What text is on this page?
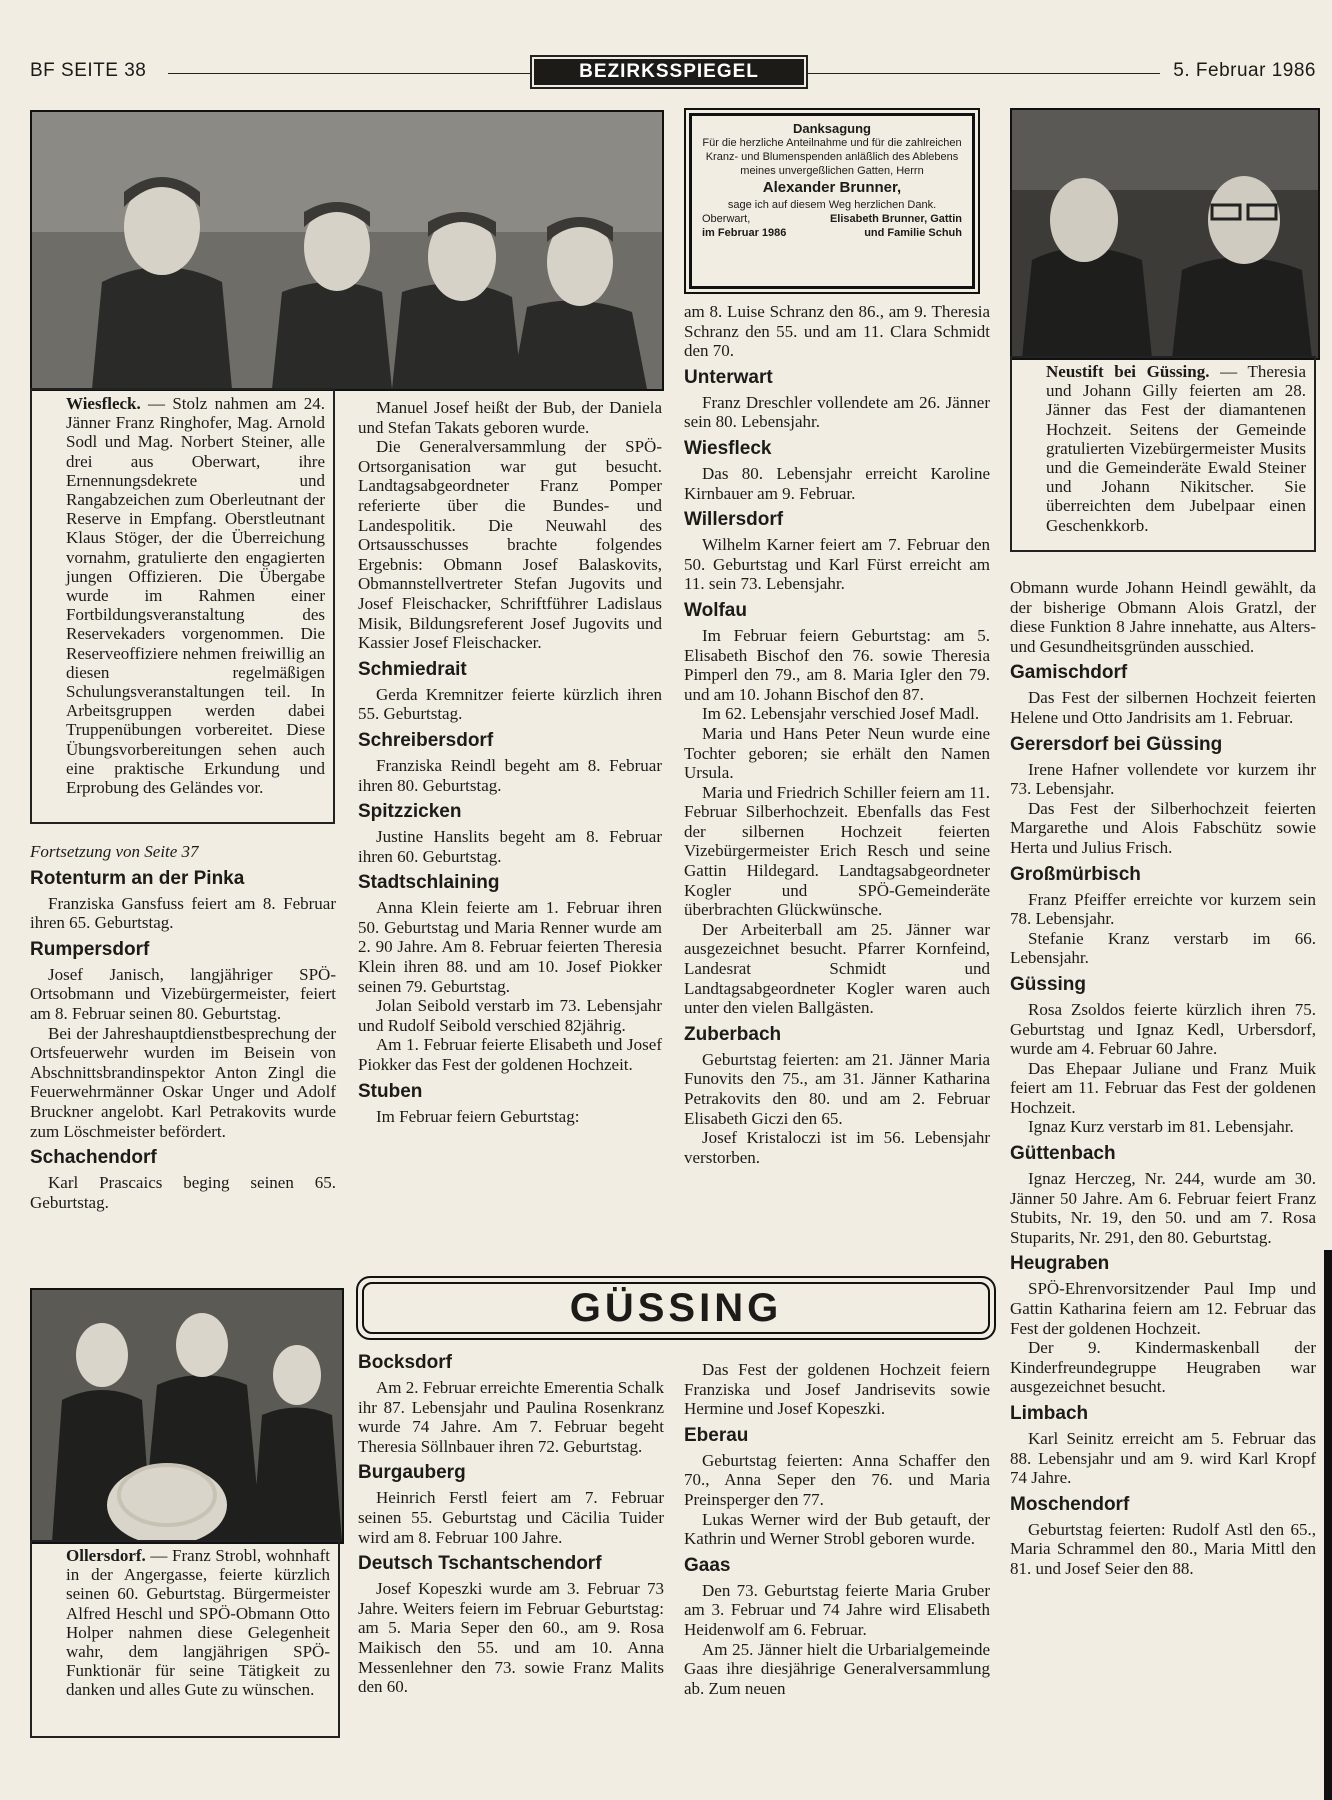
BF SEITE 38	BEZIRKSSPIEGEL	5. Februar 1986
Wiesfleck. — Stolz nahmen am 24. Jänner Franz Ringhofer, Mag. Arnold Sodl und Mag. Norbert Steiner, alle drei aus Oberwart, ihre Ernennungsdekrete und Rangabzeichen zum Oberleutnant der Reserve in Empfang. Oberstleutnant Klaus Stöger, der die Überreichung vornahm, gratulierte den engagierten jungen Offizieren. Die Übergabe wurde im Rahmen einer Fortbildungsveranstaltung des Reservekaders vorgenommen. Die Reserveoffiziere nehmen freiwillig an diesen regelmäßigen Schulungsveranstaltungen teil. In Arbeitsgruppen werden dabei Truppenübungen vorbereitet. Diese Übungsvorbereitungen sehen auch eine praktische Erkundung und Erprobung des Geländes vor.

Fortsetzung von Seite 37

Rotenturm an der Pinka

Franziska Gansfuss feiert am 8. Februar ihren 65. Geburtstag.

Rumpersdorf

Josef Janisch, langjähriger SPÖ-Ortsobmann und Vizebürgermeister, feiert am 8. Februar seinen 80. Geburtstag.

Bei der Jahreshauptdienstbesprechung der Ortsfeuerwehr wurden im Beisein von Abschnittsbrandinspektor Anton Zingl die Feuerwehrmänner Oskar Unger und Adolf Bruckner angelobt. Karl Petrakovits wurde zum Löschmeister befördert.

Schachendorf

Karl Prascaics beging seinen 65. Geburtstag.

Ollersdorf. — Franz Strobl, wohnhaft in der Angergasse, feierte kürzlich seinen 60. Geburtstag. Bürgermeister Alfred Heschl und SPÖ-Obmann Otto Holper nahmen diese Gelegenheit wahr, dem langjährigen SPÖ-Funktionär für seine Tätigkeit zu danken und alles Gute zu wünschen.

Manuel Josef heißt der Bub, der Daniela und Stefan Takats geboren wurde.

Die Generalversammlung der SPÖ-Ortsorganisation war gut besucht. Landtagsabgeordneter Franz Pomper referierte über die Bundes- und Landespolitik. Die Neuwahl des Ortsausschusses brachte folgendes Ergebnis: Obmann Josef Balaskovits, Obmannstellvertreter Stefan Jugovits und Josef Fleischacker, Schriftführer Ladislaus Misik, Bildungsreferent Josef Jugovits und Kassier Josef Fleischacker.

Schmiedrait

Gerda Kremnitzer feierte kürzlich ihren 55. Geburtstag.

Schreibersdorf

Franziska Reindl begeht am 8. Februar ihren 80. Geburtstag.

Spitzzicken

Justine Hanslits begeht am 8. Februar ihren 60. Geburtstag.

Stadtschlaining

Anna Klein feierte am 1. Februar ihren 50. Geburtstag und Maria Renner wurde am 2. 90 Jahre. Am 8. Februar feierten Theresia Klein ihren 88. und am 10. Josef Piokker seinen 79. Geburtstag.

Jolan Seibold verstarb im 73. Lebensjahr und Rudolf Seibold verschied 82jährig.

Am 1. Februar feierte Elisabeth und Josef Piokker das Fest der goldenen Hochzeit.

Stuben

Im Februar feiern Geburtstag:

Danksagung
Für die herzliche Anteilnahme und für die zahlreichen Kranz- und Blumenspenden anläßlich des Ablebens meines unvergeßlichen Gatten, Herrn
Alexander Brunner,
sage ich auf diesem Weg herzlichen Dank.
Oberwart,	Elisabeth Brunner, Gattin
im Februar 1986	und Familie Schuh

am 8. Luise Schranz den 86., am 9. Theresia Schranz den 55. und am 11. Clara Schmidt den 70.

Unterwart

Franz Dreschler vollendete am 26. Jänner sein 80. Lebensjahr.

Wiesfleck

Das 80. Lebensjahr erreicht Karoline Kirnbauer am 9. Februar.

Willersdorf

Wilhelm Karner feiert am 7. Februar den 50. Geburtstag und Karl Fürst erreicht am 11. sein 73. Lebensjahr.

Wolfau

Im Februar feiern Geburtstag: am 5. Elisabeth Bischof den 76. sowie Theresia Pimperl den 79., am 8. Maria Igler den 79. und am 10. Johann Bischof den 87.

Im 62. Lebensjahr verschied Josef Madl.

Maria und Hans Peter Neun wurde eine Tochter geboren; sie erhält den Namen Ursula.

Maria und Friedrich Schiller feiern am 11. Februar Silberhochzeit. Ebenfalls das Fest der silbernen Hochzeit feierten Vizebürgermeister Erich Resch und seine Gattin Hildegard. Landtagsabgeordneter Kogler und SPÖ-Gemeinderäte überbrachten Glückwünsche.

Der Arbeiterball am 25. Jänner war ausgezeichnet besucht. Pfarrer Kornfeind, Landesrat Schmidt und Landtagsabgeordneter Kogler waren auch unter den vielen Ballgästen.

Zuberbach

Geburtstag feierten: am 21. Jänner Maria Funovits den 75., am 31. Jänner Katharina Petrakovits den 80. und am 2. Februar Elisabeth Giczi den 65.

Josef Kristaloczi ist im 56. Lebensjahr verstorben.

GÜSSING
Bocksdorf

Am 2. Februar erreichte Emerentia Schalk ihr 87. Lebensjahr und Paulina Rosenkranz wurde 74 Jahre. Am 7. Februar begeht Theresia Söllnbauer ihren 72. Geburtstag.

Burgauberg

Heinrich Ferstl feiert am 7. Februar seinen 55. Geburtstag und Cäcilia Tuider wird am 8. Februar 100 Jahre.

Deutsch Tschantschendorf

Josef Kopeszki wurde am 3. Februar 73 Jahre. Weiters feiern im Februar Geburtstag: am 5. Maria Seper den 60., am 9. Rosa Maikisch den 55. und am 10. Anna Messenlehner den 73. sowie Franz Malits den 60.

Das Fest der goldenen Hochzeit feiern Franziska und Josef Jandrisevits sowie Hermine und Josef Kopeszki.

Eberau

Geburtstag feierten: Anna Schaffer den 70., Anna Seper den 76. und Maria Preinsperger den 77.

Lukas Werner wird der Bub getauft, der Kathrin und Werner Strobl geboren wurde.

Gaas

Den 73. Geburtstag feierte Maria Gruber am 3. Februar und 74 Jahre wird Elisabeth Heidenwolf am 6. Februar.

Am 25. Jänner hielt die Urbarialgemeinde Gaas ihre diesjährige Generalversammlung ab. Zum neuen

Neustift bei Güssing. — Theresia und Johann Gilly feierten am 28. Jänner das Fest der diamantenen Hochzeit. Seitens der Gemeinde gratulierten Vizebürgermeister Musits und die Gemeinderäte Ewald Steiner und Johann Nikitscher. Sie überreichten dem Jubelpaar einen Geschenkkorb.

Obmann wurde Johann Heindl gewählt, da der bisherige Obmann Alois Gratzl, der diese Funktion 8 Jahre innehatte, aus Alters- und Gesundheitsgründen ausschied.

Gamischdorf

Das Fest der silbernen Hochzeit feierten Helene und Otto Jandrisits am 1. Februar.

Gerersdorf bei Güssing

Irene Hafner vollendete vor kurzem ihr 73. Lebensjahr.

Das Fest der Silberhochzeit feierten Margarethe und Alois Fabschütz sowie Herta und Julius Frisch.

Großmürbisch

Franz Pfeiffer erreichte vor kurzem sein 78. Lebensjahr.

Stefanie Kranz verstarb im 66. Lebensjahr.

Güssing

Rosa Zsoldos feierte kürzlich ihren 75. Geburtstag und Ignaz Kedl, Urbersdorf, wurde am 4. Februar 60 Jahre.

Das Ehepaar Juliane und Franz Muik feiert am 11. Februar das Fest der goldenen Hochzeit.

Ignaz Kurz verstarb im 81. Lebensjahr.

Güttenbach

Ignaz Herczeg, Nr. 244, wurde am 30. Jänner 50 Jahre. Am 6. Februar feiert Franz Stubits, Nr. 19, den 50. und am 7. Rosa Stuparits, Nr. 291, den 80. Geburtstag.

Heugraben

SPÖ-Ehrenvorsitzender Paul Imp und Gattin Katharina feiern am 12. Februar das Fest der goldenen Hochzeit.

Der 9. Kindermaskenball der Kinderfreundegruppe Heugraben war ausgezeichnet besucht.

Limbach

Karl Seinitz erreicht am 5. Februar das 88. Lebensjahr und am 9. wird Karl Kropf 74 Jahre.

Moschendorf

Geburtstag feierten: Rudolf Astl den 65., Maria Schrammel den 80., Maria Mittl den 81. und Josef Seier den 88.
